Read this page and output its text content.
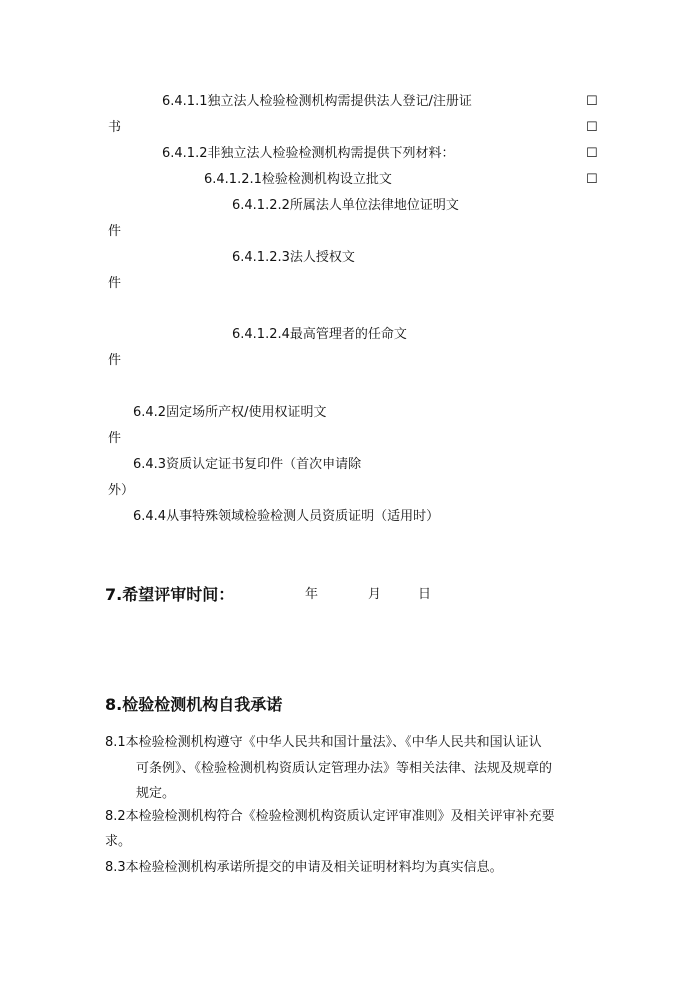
6.4.1.1独立法人检验检测机构需提供法人登记/注册证	☐
书	☐
6.4.1.2非独立法人检验检测机构需提供下列材料：	☐
6.4.1.2.1检验检测机构设立批文	☐
6.4.1.2.2所属法人单位法律地位证明文
件
6.4.1.2.3法人授权文
件
6.4.1.2.4最高管理者的任命文
件
6.4.2固定场所产权/使用权证明文
件
6.4.3资质认定证书复印件（首次申请除
外）
6.4.4从事特殊领域检验检测人员资质证明（适用时）
7.希望评审时间：	年	月	日
8.检验检测机构自我承诺
8.1本检验检测机构遵守《中华人民共和国计量法》、《中华人民共和国认证认
可条例》、《检验检测机构资质认定管理办法》等相关法律、法规及规章的
规定。
8.2本检验检测机构符合《检验检测机构资质认定评审准则》及相关评审补充要
求。
8.3本检验检测机构承诺所提交的申请及相关证明材料均为真实信息。
